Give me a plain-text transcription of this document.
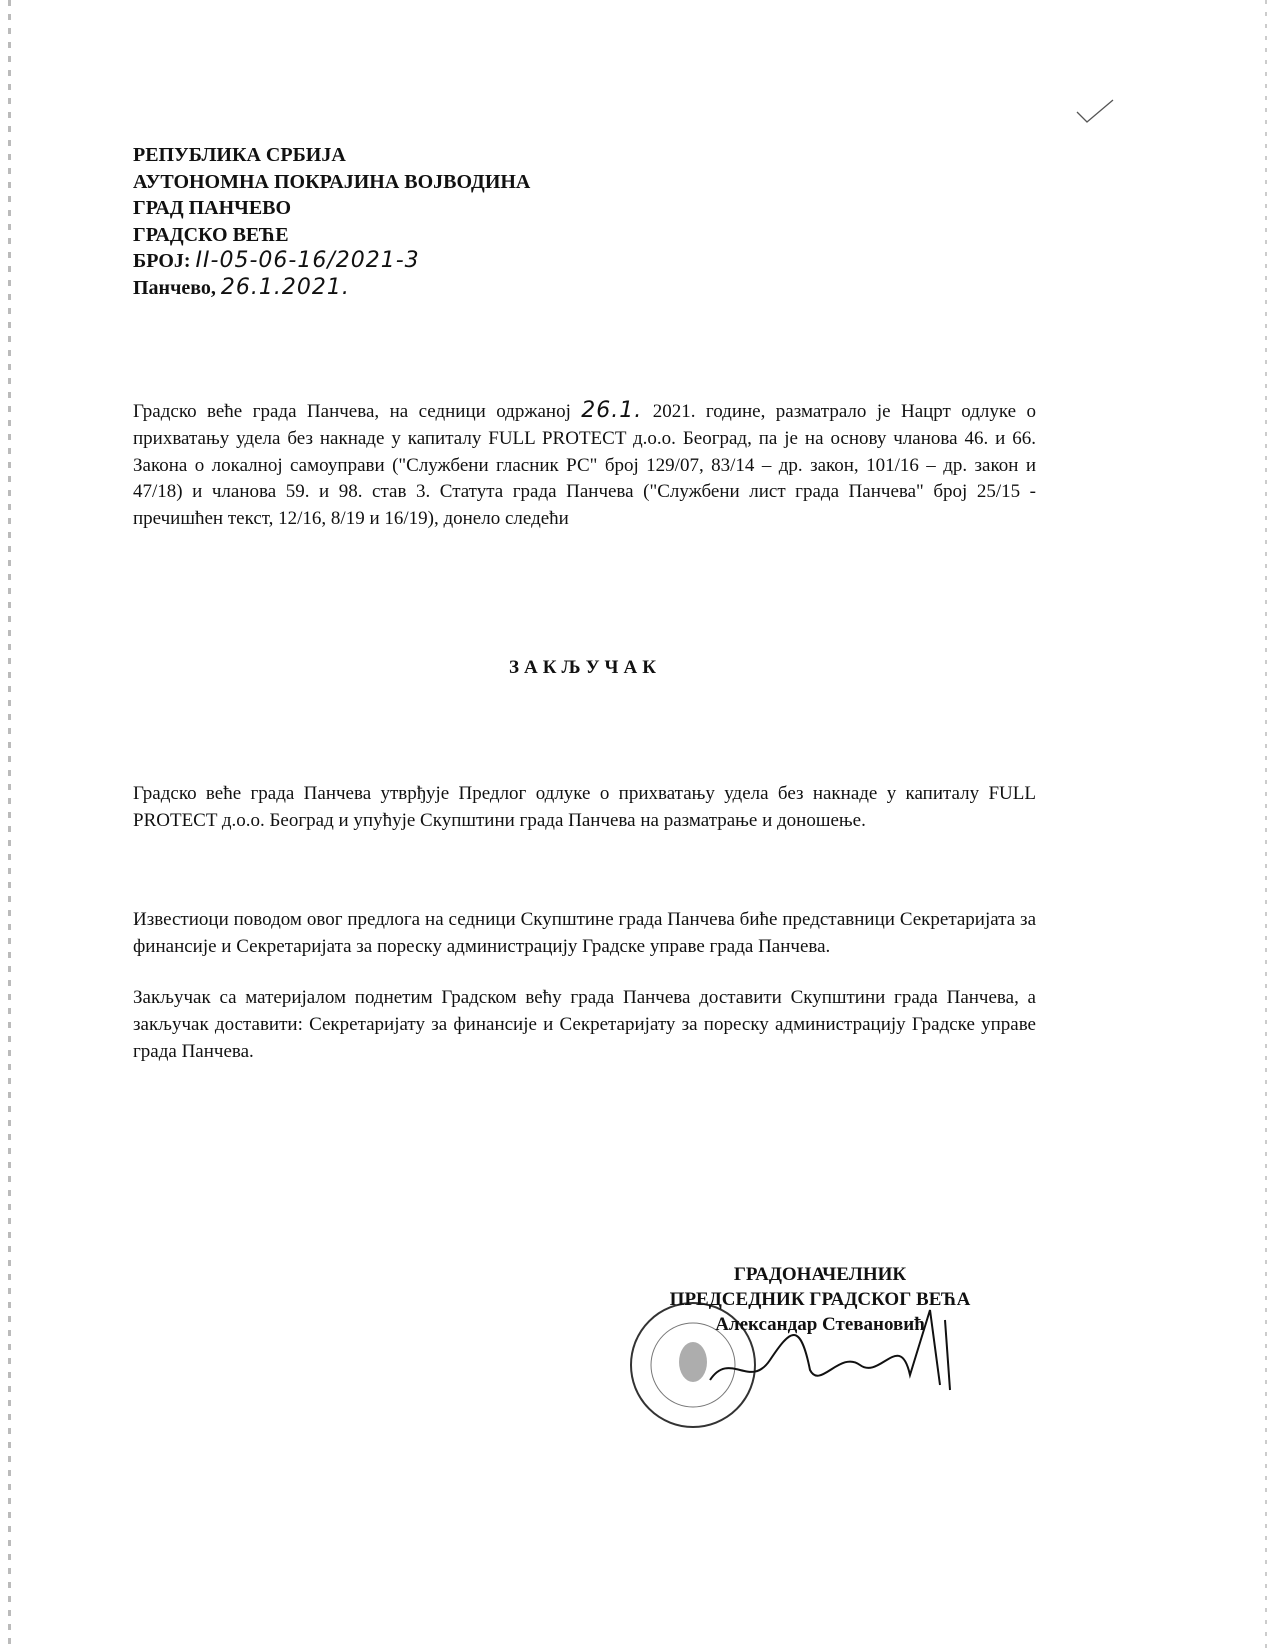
РЕПУБЛИКА СРБИЈА
АУТОНОМНА ПОКРАЈИНА ВОЈВОДИНА
ГРАД ПАНЧЕВО
ГРАДСКО ВЕЋЕ
БРОЈ: II-05-06-16/2021-3
Панчево, 26.1.2021.
Градско веће града Панчева, на седници одржаној 26.1. 2021. године, разматрало је Нацрт одлуке о прихватању удела без накнаде у капиталу FULL PROTECT д.о.о. Београд, па је на основу чланова 46. и 66. Закона о локалној самоуправи ("Службени гласник РС" број 129/07, 83/14 – др. закон, 101/16 – др. закон и 47/18) и чланова 59. и 98. став 3. Статута града Панчева ("Службени лист града Панчева" број 25/15 - пречишћен текст, 12/16, 8/19 и 16/19), донело следећи
ЗАКЉУЧАК
Градско веће града Панчева утврђује Предлог одлуке о прихватању удела без накнаде у капиталу FULL PROTECT д.о.о. Београд и упућује Скупштини града Панчева на разматрање и доношење.
Известиоци поводом овог предлога на седници Скупштине града Панчева биће представници Секретаријата за финансије и Секретаријата за пореску администрацију Градске управе града Панчева.
Закључак са материјалом поднетим Градском већу града Панчева доставити Скупштини града Панчева, а закључак доставити: Секретаријату за финансије и Секретаријату за пореску администрацију Градске управе града Панчева.
ГРАДОНАЧЕЛНИК
ПРЕДСЕДНИК ГРАДСКОГ ВЕЋА
Александар Стевановић
